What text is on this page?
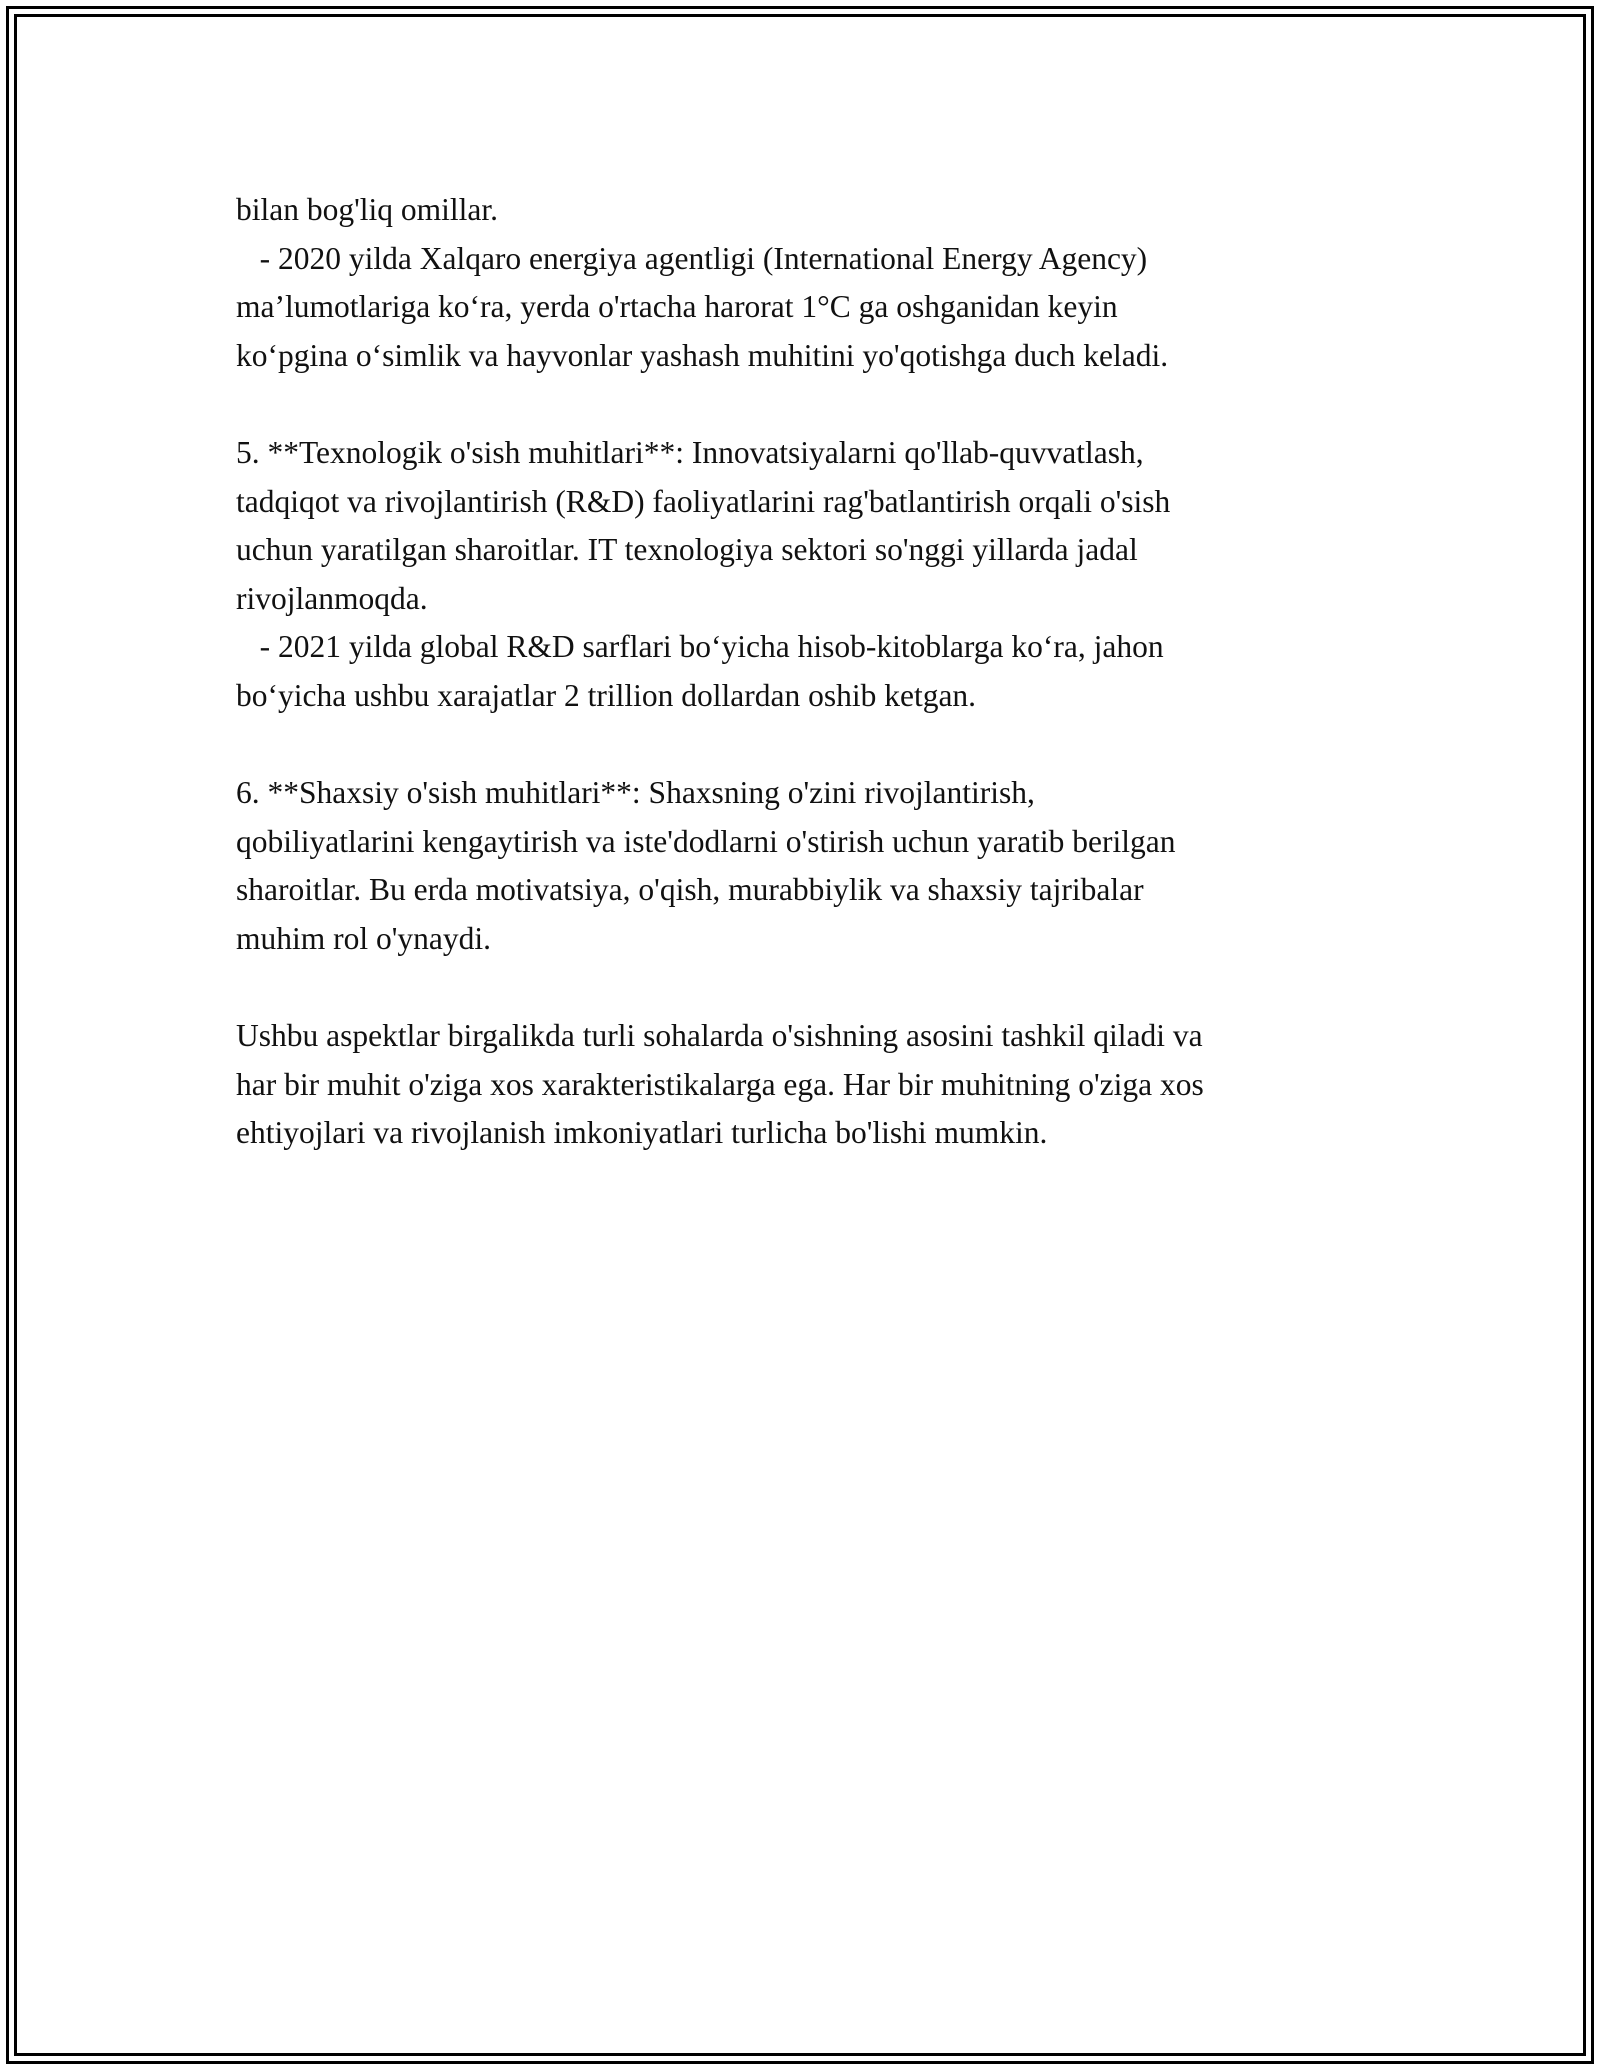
bilan bog'liq omillar.
- 2020 yilda Xalqaro energiya agentligi (International Energy Agency)
ma’lumotlariga ko‘ra, yerda o'rtacha harorat 1°C ga oshganidan keyin
ko‘pgina o‘simlik va hayvonlar yashash muhitini yo'qotishga duch keladi.
5. **Texnologik o'sish muhitlari**: Innovatsiyalarni qo'llab-quvvatlash,
tadqiqot va rivojlantirish (R&D) faoliyatlarini rag'batlantirish orqali o'sish
uchun yaratilgan sharoitlar. IT texnologiya sektori so'nggi yillarda jadal
rivojlanmoqda.
- 2021 yilda global R&D sarflari bo‘yicha hisob-kitoblarga ko‘ra, jahon
bo‘yicha ushbu xarajatlar 2 trillion dollardan oshib ketgan.
6. **Shaxsiy o'sish muhitlari**: Shaxsning o'zini rivojlantirish,
qobiliyatlarini kengaytirish va iste'dodlarni o'stirish uchun yaratib berilgan
sharoitlar. Bu erda motivatsiya, o'qish, murabbiylik va shaxsiy tajribalar
muhim rol o'ynaydi.
Ushbu aspektlar birgalikda turli sohalarda o'sishning asosini tashkil qiladi va
har bir muhit o'ziga xos xarakteristikalarga ega. Har bir muhitning o'ziga xos
ehtiyojlari va rivojlanish imkoniyatlari turlicha bo'lishi mumkin.
